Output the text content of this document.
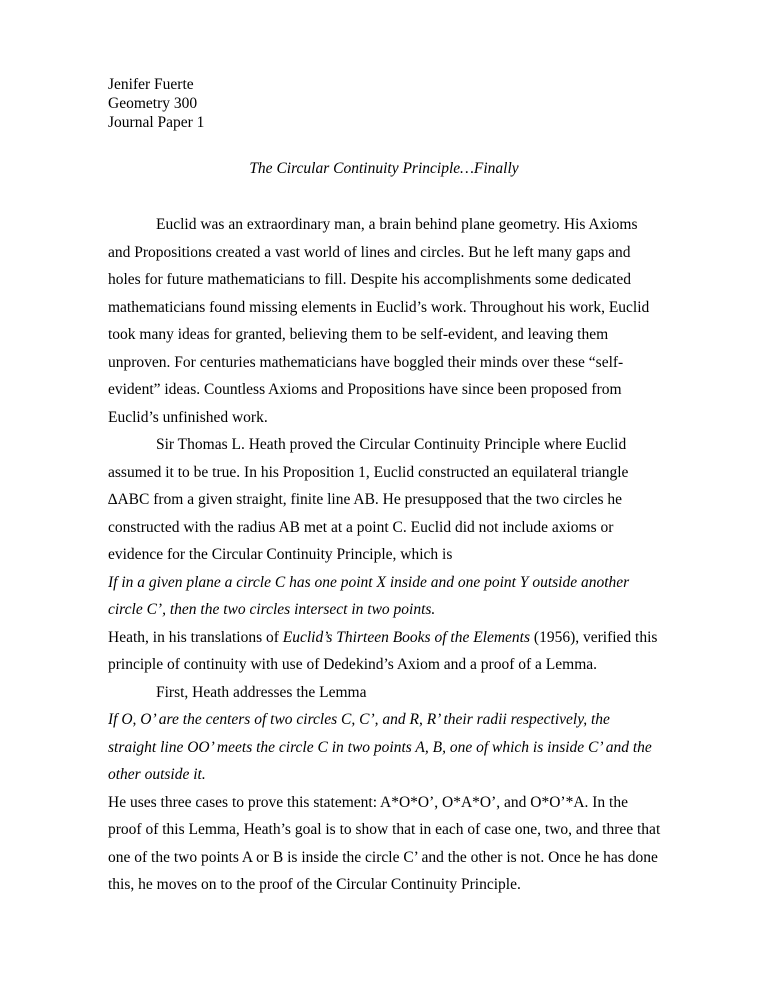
Jenifer Fuerte
Geometry 300
Journal Paper 1
The Circular Continuity Principle…Finally

Euclid was an extraordinary man, a brain behind plane geometry. His Axioms
and Propositions created a vast world of lines and circles. But he left many gaps and
holes for future mathematicians to fill. Despite his accomplishments some dedicated
mathematicians found missing elements in Euclid’s work. Throughout his work, Euclid
took many ideas for granted, believing them to be self-evident, and leaving them
unproven. For centuries mathematicians have boggled their minds over these “self-
evident” ideas. Countless Axioms and Propositions have since been proposed from
Euclid’s unfinished work.

Sir Thomas L. Heath proved the Circular Continuity Principle where Euclid
assumed it to be true. In his Proposition 1, Euclid constructed an equilateral triangle
∆ABC from a given straight, finite line AB. He presupposed that the two circles he
constructed with the radius AB met at a point C. Euclid did not include axioms or
evidence for the Circular Continuity Principle, which is

If in a given plane a circle C has one point X inside and one point Y outside another
circle C’, then the two circles intersect in two points.

Heath, in his translations of Euclid’s Thirteen Books of the Elements (1956), verified this
principle of continuity with use of Dedekind’s Axiom and a proof of a Lemma.

First, Heath addresses the Lemma

If O, O’ are the centers of two circles C, C’, and R, R’ their radii respectively, the
straight line OO’ meets the circle C in two points A, B, one of which is inside C’ and the
other outside it.

He uses three cases to prove this statement: A*O*O’, O*A*O’, and O*O’*A. In the
proof of this Lemma, Heath’s goal is to show that in each of case one, two, and three that
one of the two points A or B is inside the circle C’ and the other is not. Once he has done
this, he moves on to the proof of the Circular Continuity Principle.
